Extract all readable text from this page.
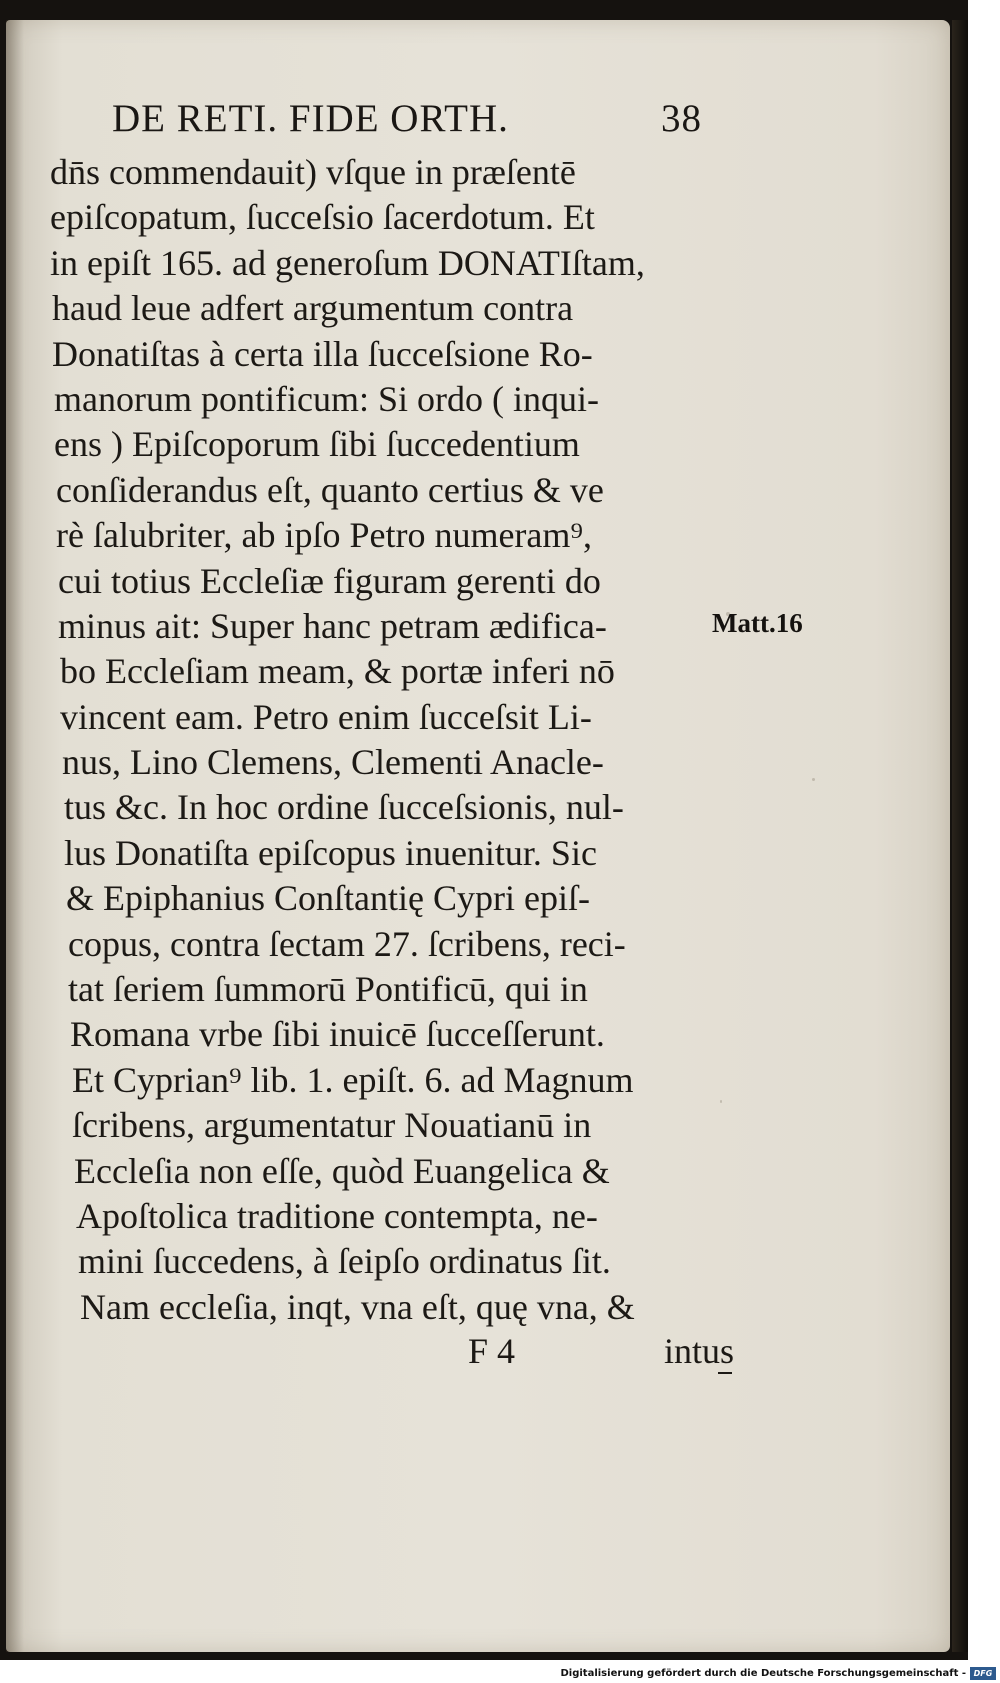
DE RETI. FIDE ORTH.	38
dn̄s commendauit) vſque in præſentē
epiſcopatum, ſucceſsio ſacerdotum. Et
in epiſt 165. ad generoſum DONATIſtam,
haud leue adfert argumentum contra
Donatiſtas à certa illa ſucceſsione Ro-
manorum pontificum: Si ordo ( inqui-
ens ) Epiſcoporum ſibi ſuccedentium
conſiderandus eſt, quanto certius & ve
rè ſalubriter, ab ipſo Petro numeram⁹,
cui totius Eccleſiæ figuram gerenti do
minus ait: Super hanc petram ædifica-
bo Eccleſiam meam, & portæ inferi nō
vincent eam. Petro enim ſucceſsit Li-
nus, Lino Clemens, Clementi Anacle-
tus &c. In hoc ordine ſucceſsionis, nul-
lus Donatiſta epiſcopus inuenitur. Sic
& Epiphanius Conſtantię Cypri epiſ-
copus, contra ſectam 27. ſcribens, reci-
tat ſeriem ſummorū Pontificū, qui in
Romana vrbe ſibi inuicē ſucceſſerunt.
Et Cyprian⁹ lib. 1. epiſt. 6. ad Magnum
ſcribens, argumentatur Nouatianū in
Eccleſia non eſſe, quòd Euangelica &
Apoſtolica traditione contempta, ne-
mini ſuccedens, à ſeipſo ordinatus ſit.
Nam eccleſia, inqt, vna eſt, quę vna, &
Matt.16
F 4	intus
Digitalisierung gefördert durch die Deutsche Forschungsgemeinschaft - DFG
